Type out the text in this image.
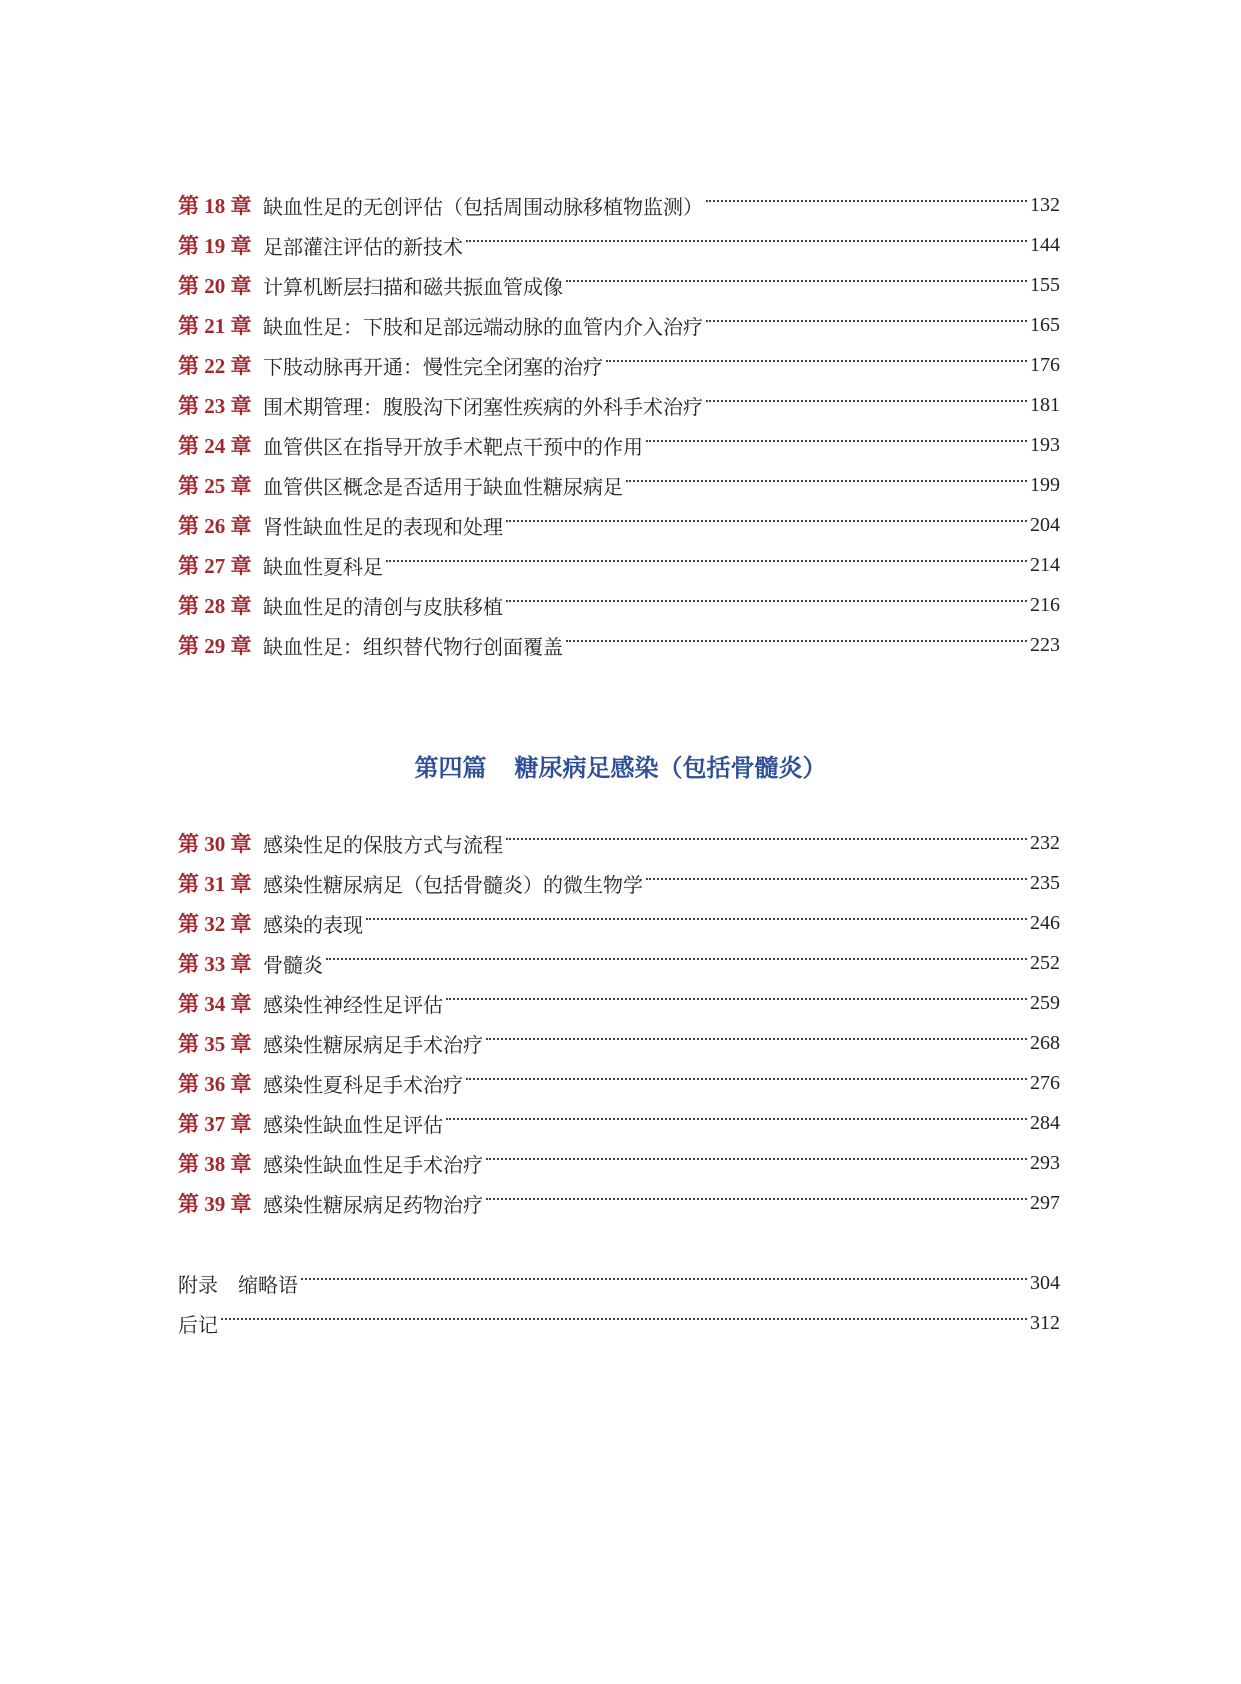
第 18 章 缺血性足的无创评估（包括周围动脉移植物监测）	132
第 19 章 足部灌注评估的新技术	144
第 20 章 计算机断层扫描和磁共振血管成像	155
第 21 章 缺血性足：下肢和足部远端动脉的血管内介入治疗	165
第 22 章 下肢动脉再开通：慢性完全闭塞的治疗	176
第 23 章 围术期管理：腹股沟下闭塞性疾病的外科手术治疗	181
第 24 章 血管供区在指导开放手术靶点干预中的作用	193
第 25 章 血管供区概念是否适用于缺血性糖尿病足	199
第 26 章 肾性缺血性足的表现和处理	204
第 27 章 缺血性夏科足	214
第 28 章 缺血性足的清创与皮肤移植	216
第 29 章 缺血性足：组织替代物行创面覆盖	223
第 30 章 感染性足的保肢方式与流程	232
第 31 章 感染性糖尿病足（包括骨髓炎）的微生物学	235
第 32 章 感染的表现	246
第 33 章 骨髓炎	252
第 34 章 感染性神经性足评估	259
第 35 章 感染性糖尿病足手术治疗	268
第 36 章 感染性夏科足手术治疗	276
第 37 章 感染性缺血性足评估	284
第 38 章 感染性缺血性足手术治疗	293
第 39 章 感染性糖尿病足药物治疗	297
附录　缩略语	304
后记	312
第四篇 糖尿病足感染（包括骨髓炎）
